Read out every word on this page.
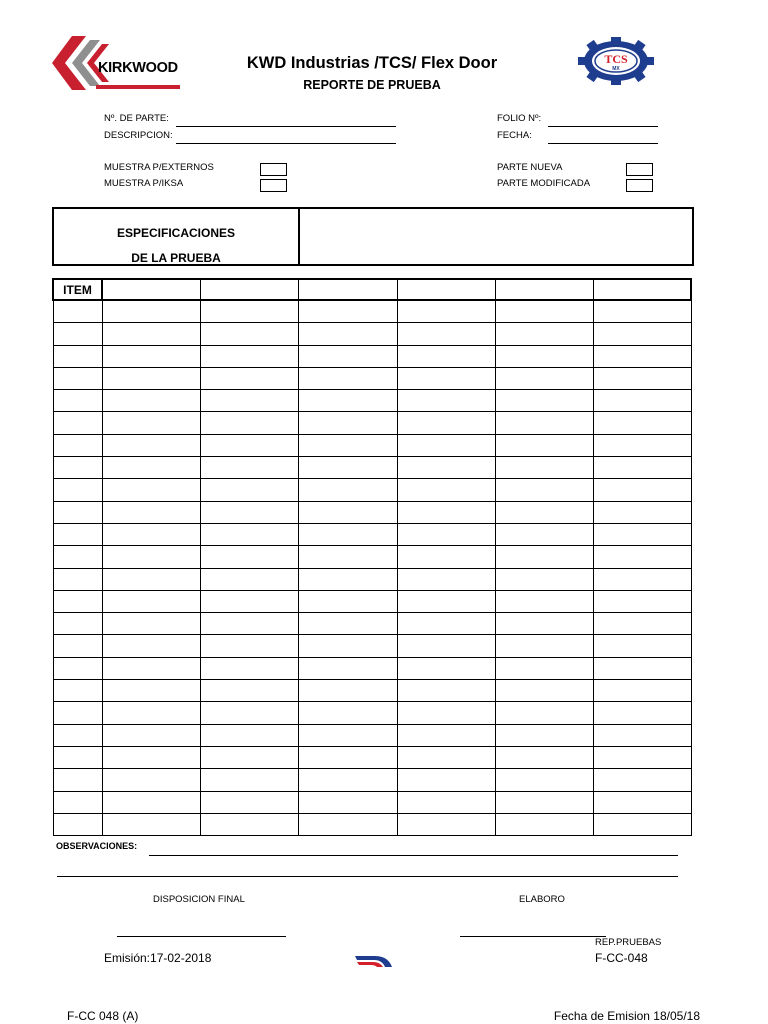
KIRKWOOD	KWD Industrias /TCS/ Flex Door
REPORTE DE PRUEBA
TCS
MX
Nº. DE PARTE:
DESCRIPCION:
FOLIO Nº:
FECHA:
MUESTRA P/EXTERNOS
MUESTRA P/IKSA
PARTE NUEVA
PARTE MODIFICADA
ESPECIFICACIONES
DE LA PRUEBA
ITEM						

OBSERVACIONES:
DISPOSICION FINAL	ELABORO
REP.PRUEBAS
F-CC-048
Emisión:17-02-2018
F-CC 048 (A)	Fecha de Emision 18/05/18
